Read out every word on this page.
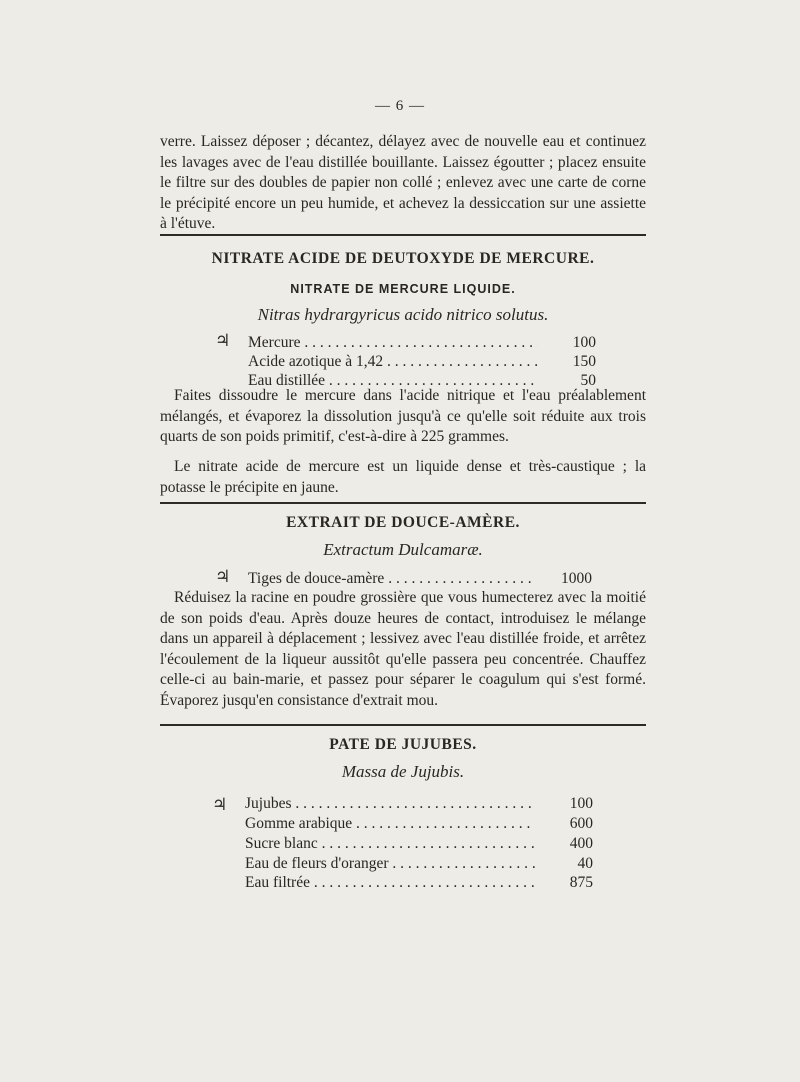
— 6 —

verre. Laissez déposer ; décantez, délayez avec de nouvelle eau et continuez les lavages avec de l'eau distillée bouillante. Laissez égoutter ; placez ensuite le filtre sur des doubles de papier non collé ; enlevez avec une carte de corne le précipité encore un peu humide, et achevez la dessiccation sur une assiette à l'étuve.

NITRATE ACIDE DE DEUTOXYDE DE MERCURE.
NITRATE DE MERCURE LIQUIDE.

Nitras hydrargyricus acido nitrico solutus.

♃ Mercure . . .	100
Acide azotique à 1,42 . . .	150
Eau distillée . . .	50

Faites dissoudre le mercure dans l'acide nitrique et l'eau préalablement mélangés, et évaporez la dissolution jusqu'à ce qu'elle soit réduite aux trois quarts de son poids primitif, c'est-à-dire à 225 grammes.

Le nitrate acide de mercure est un liquide dense et très-caustique ; la potasse le précipite en jaune.

EXTRAIT DE DOUCE-AMÈRE.

Extractum Dulcamaræ.

♃ Tiges de douce-amère . . .	1000

Réduisez la racine en poudre grossière que vous humecterez avec la moitié de son poids d'eau. Après douze heures de contact, introduisez le mélange dans un appareil à déplacement ; lessivez avec l'eau distillée froide, et arrêtez l'écoulement de la liqueur aussitôt qu'elle passera peu concentrée. Chauffez celle-ci au bain-marie, et passez pour séparer le coagulum qui s'est formé. Évaporez jusqu'en consistance d'extrait mou.

PATE DE JUJUBES.

Massa de Jujubis.

♃ Jujubes . . .	100
Gomme arabique . . .	600
Sucre blanc . . .	400
Eau de fleurs d'oranger . . .	40
Eau filtrée . . .	875
